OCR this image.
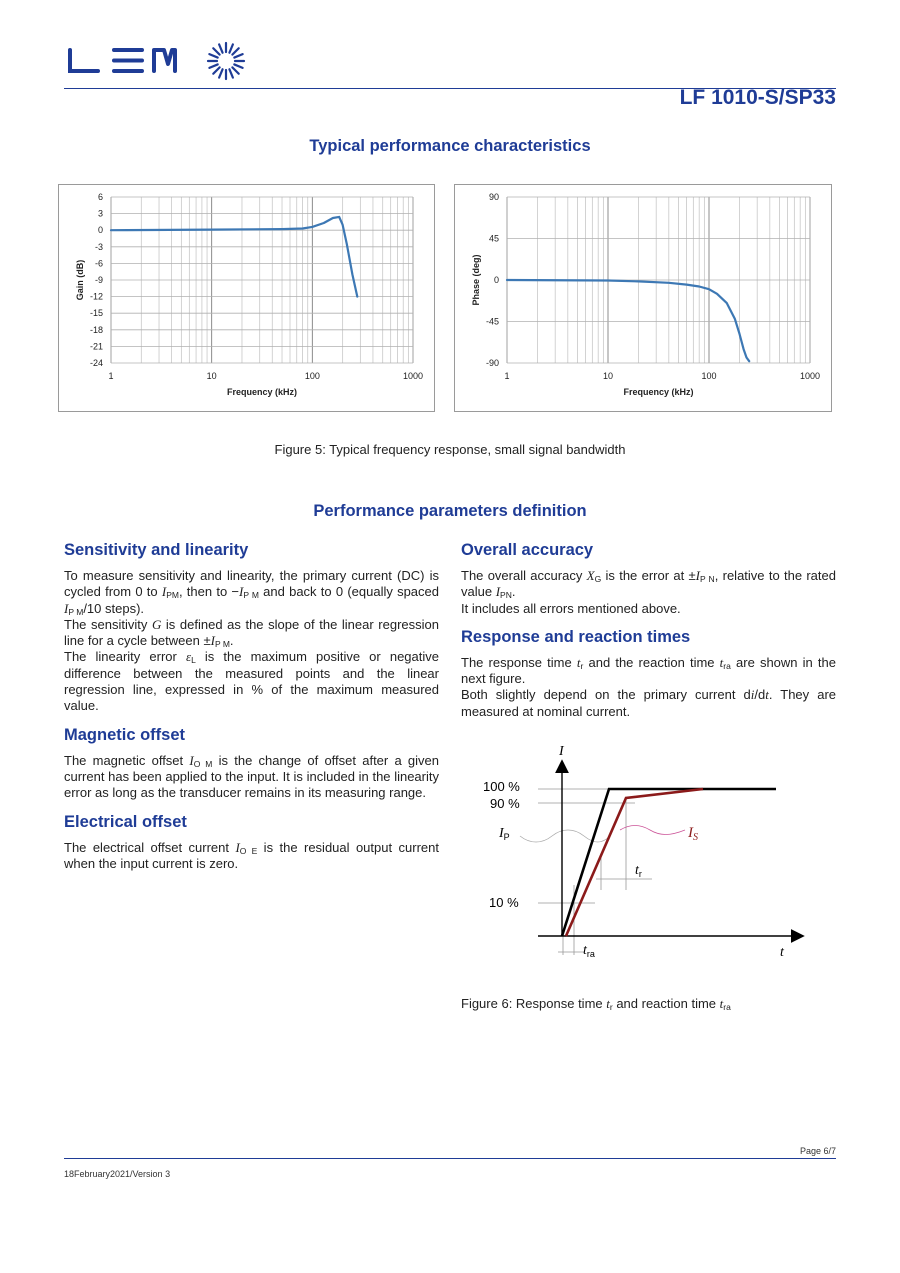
LF 1010-S/SP33
Typical performance characteristics
6
3
0
-3
-6
-9
-12
-15
-18
-21
-24
1	10	100	1000
Frequency (kHz)
Gain (dB)
90
45
0
-45
-90
1	10	100	1000
Frequency (kHz)
Phase (deg)
Figure 5: Typical frequency response, small signal bandwidth
Performance parameters definition
Sensitivity and linearity

To measure sensitivity and linearity, the primary current (DC) is cycled from 0 to $I_{PM}$, then to $-I_{P M}$ and back to 0 (equally spaced $I_{P M}/10$ steps).

The sensitivity G is defined as the slope of the linear regression line for a cycle between $\pm I_{P M}$.

The linearity error $\varepsilon_L$ is the maximum positive or negative difference between the measured points and the linear regression line, expressed in % of the maximum measured value.

Magnetic offset

The magnetic offset $I_{O M}$ is the change of offset after a given current has been applied to the input. It is included in the linearity error as long as the transducer remains in its measuring range.

Electrical offset

The electrical offset current $I_{O E}$ is the residual output current when the input current is zero.

Overall accuracy

The overall accuracy $X_G$ is the error at $\pm I_{P N}$, relative to the rated value $I_{PN}$.

It includes all errors mentioned above.

Response and reaction times

The response time $t_r$ and the reaction time $t_{ra}$ are shown in the next figure.

Both slightly depend on the primary current di/dt. They are measured at nominal current.

I
t
100 %
90 %
10 %
$I_P$	$I_S$
$t_r$
$t_{ra}$
Figure 6: Response time $t_r$ and reaction time $t_{ra}$
Page 6/7
18February2021/Version 3
